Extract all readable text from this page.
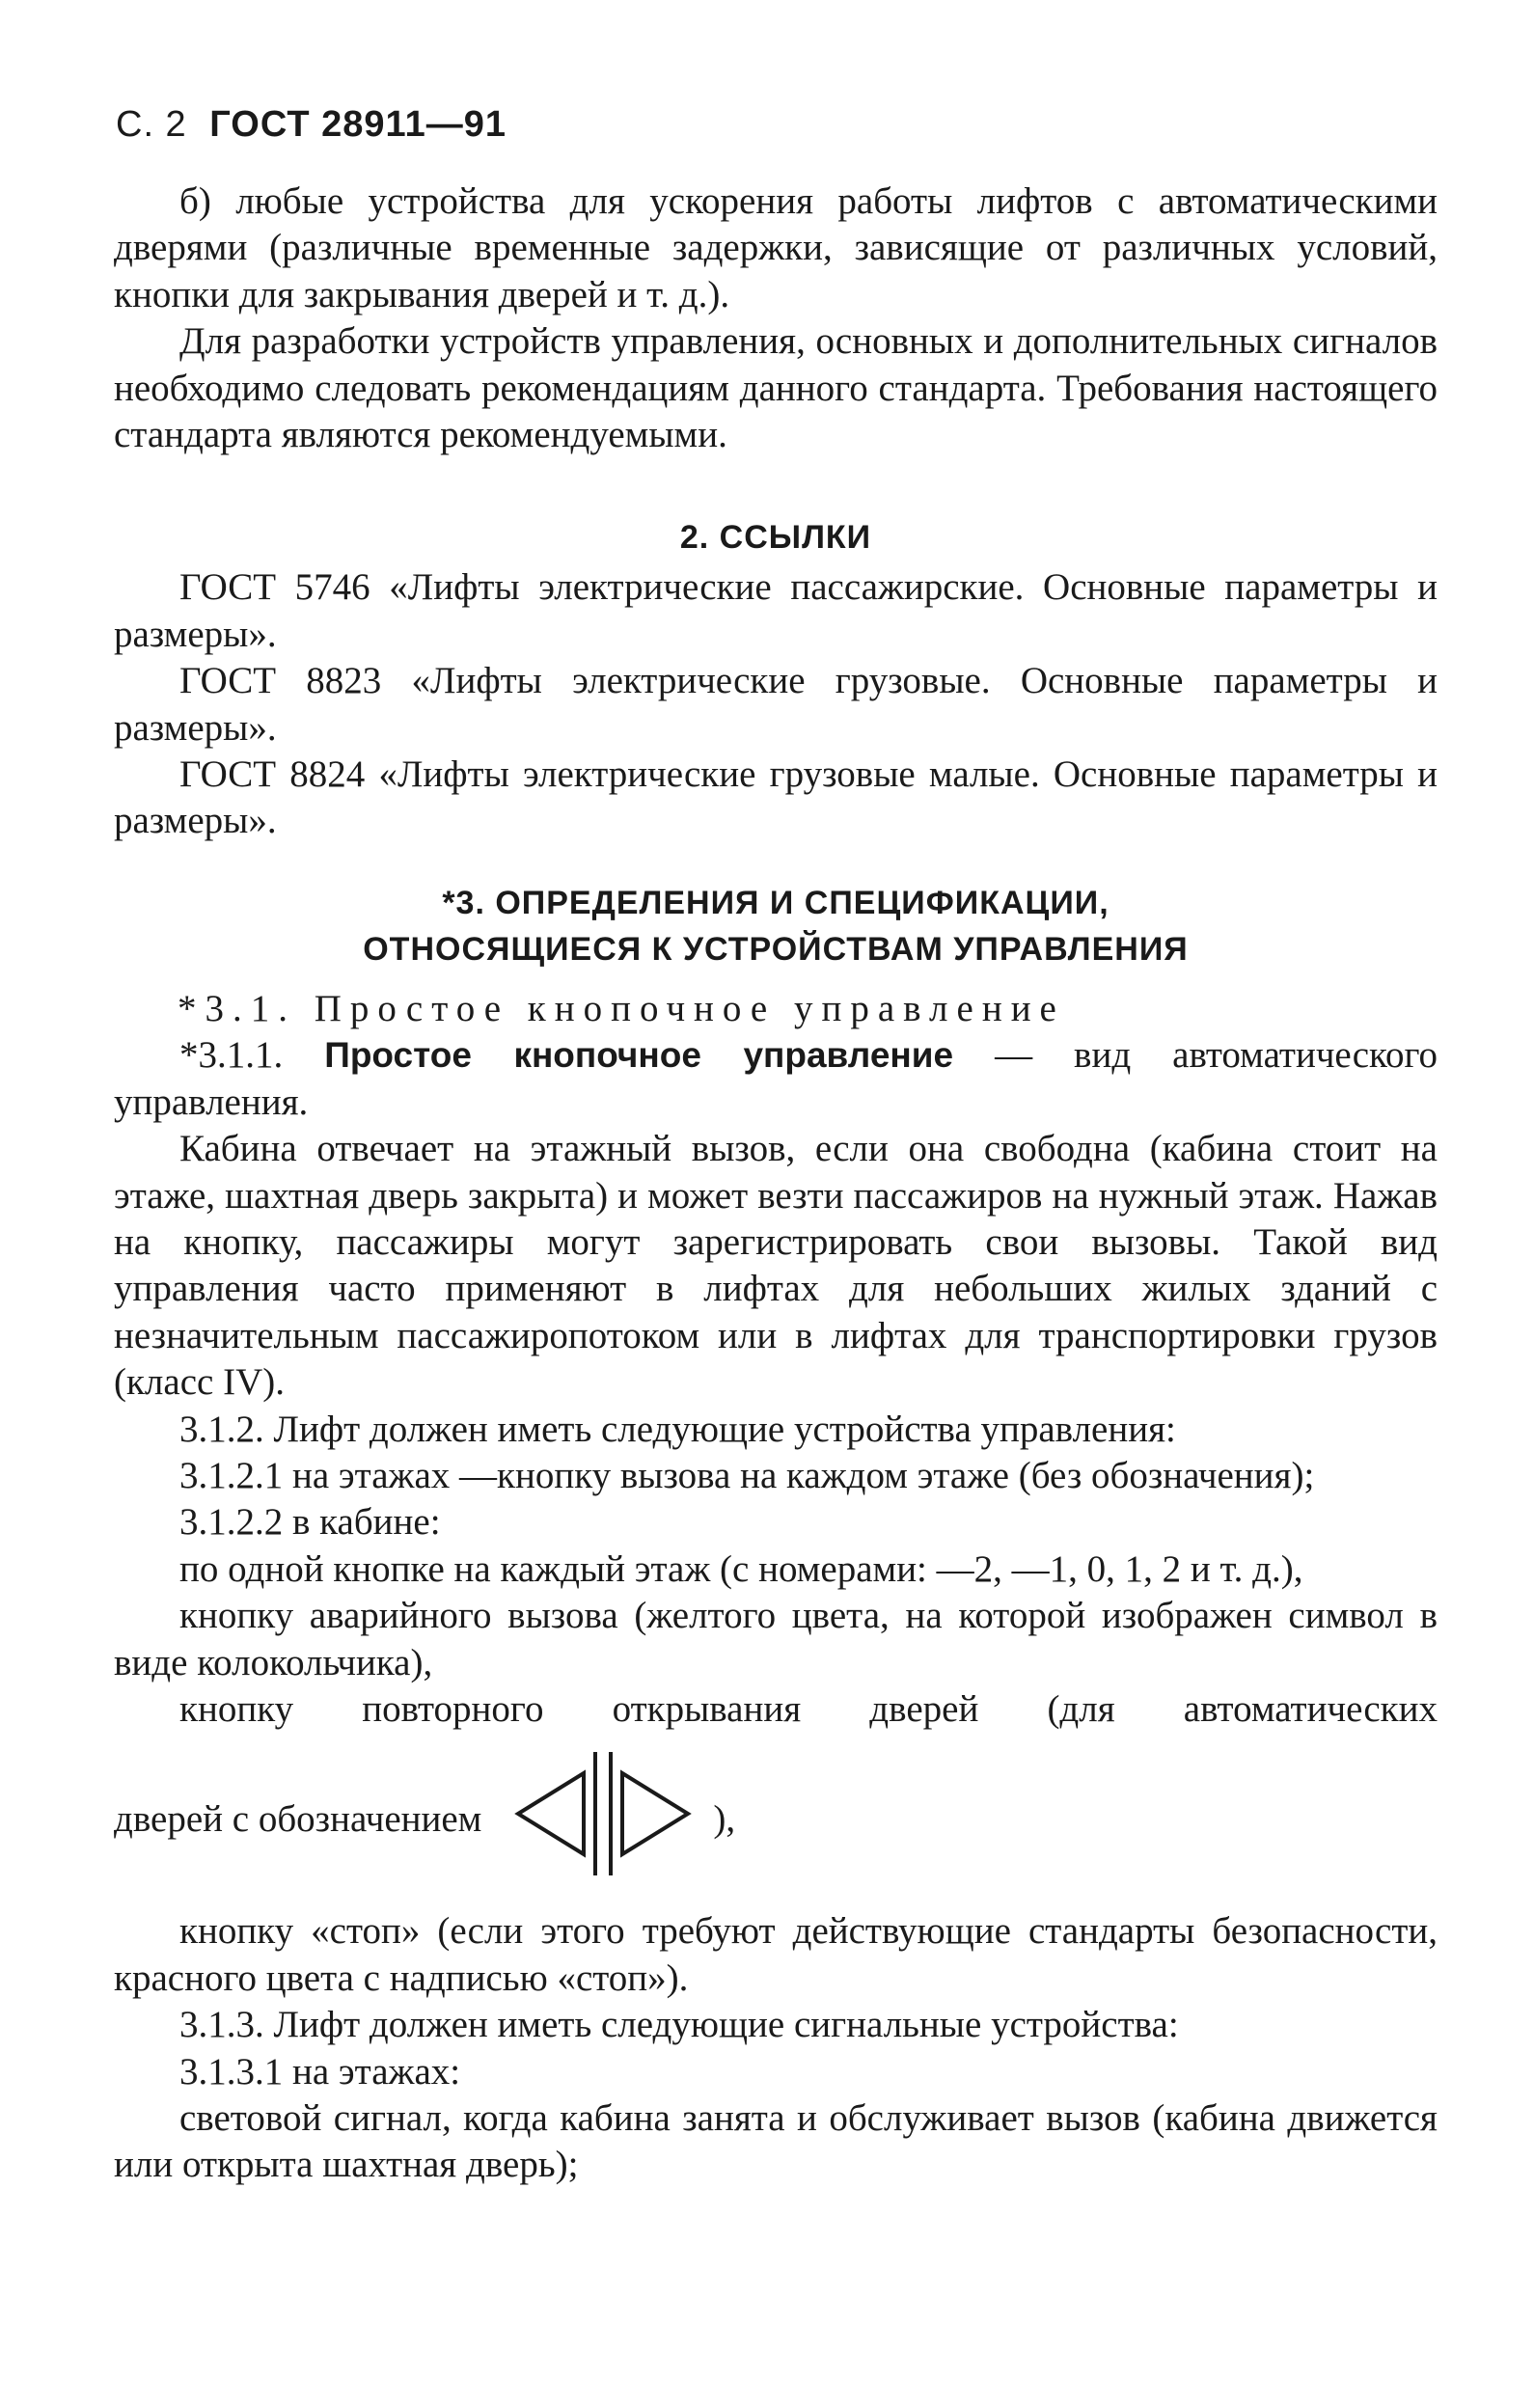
С. 2 ГОСТ 28911—91

б) любые устройства для ускорения работы лифтов с автоматическими дверями (различные временные задержки, зависящие от различных условий, кнопки для закрывания дверей и т. д.).

Для разработки устройств управления, основных и дополнительных сигналов необходимо следовать рекомендациям данного стандарта. Требования настоящего стандарта являются рекомендуемыми.

2. ССЫЛКИ

ГОСТ 5746 «Лифты электрические пассажирские. Основные параметры и размеры».

ГОСТ 8823 «Лифты электрические грузовые. Основные параметры и размеры».

ГОСТ 8824 «Лифты электрические грузовые малые. Основные параметры и размеры».

*3. ОПРЕДЕЛЕНИЯ И СПЕЦИФИКАЦИИ,
ОТНОСЯЩИЕСЯ К УСТРОЙСТВАМ УПРАВЛЕНИЯ

*3.1. Простое кнопочное управление

*3.1.1. Простое кнопочное управление — вид автоматического управления.

Кабина отвечает на этажный вызов, если она свободна (кабина стоит на этаже, шахтная дверь закрыта) и может везти пассажиров на нужный этаж. Нажав на кнопку, пассажиры могут зарегистрировать свои вызовы. Такой вид управления часто применяют в лифтах для небольших жилых зданий с незначительным пассажиропотоком или в лифтах для транспортировки грузов (класс IV).

3.1.2. Лифт должен иметь следующие устройства управления:

3.1.2.1 на этажах —кнопку вызова на каждом этаже (без обозначения);

3.1.2.2 в кабине:

по одной кнопке на каждый этаж (с номерами: —2, —1, 0, 1, 2 и т. д.),

кнопку аварийного вызова (желтого цвета, на которой изображен символ в виде колокольчика),

кнопку повторного открывания дверей (для автоматических

дверей с обозначением	),

кнопку «стоп» (если этого требуют действующие стандарты безопасности, красного цвета с надписью «стоп»).

3.1.3. Лифт должен иметь следующие сигнальные устройства:

3.1.3.1 на этажах:

световой сигнал, когда кабина занята и обслуживает вызов (кабина движется или открыта шахтная дверь);
